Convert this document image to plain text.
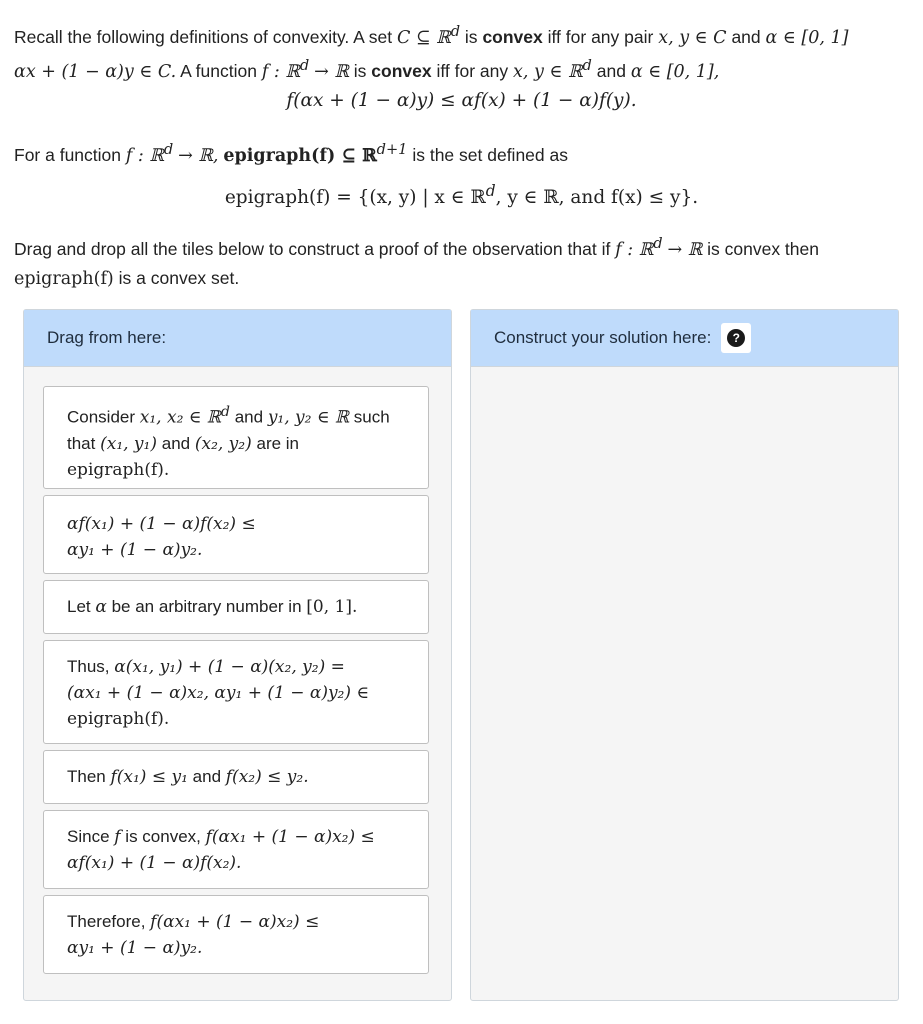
Recall the following definitions of convexity. A set C ⊆ ℝ$^d$ is convex iff for any pair x, y ∈ C and α ∈ [0, 1]

αx + (1 − α)y ∈ C. A function f : ℝ$^d$ → ℝ is convex iff for any x, y ∈ ℝ$^d$ and α ∈ [0, 1],

f(αx + (1 − α)y) ≤ αf(x) + (1 − α)f(y).

For a function f : ℝ$^d$ → ℝ, epigraph(f) ⊆ ℝ$^{d+1}$ is the set defined as

epigraph(f) = {(x, y) | x ∈ ℝ$^d$, y ∈ ℝ, and f(x) ≤ y}.

Drag and drop all the tiles below to construct a proof of the observation that if f : ℝ$^d$ → ℝ is convex then epigraph(f) is a convex set.

Drag from here:
Consider x₁, x₂ ∈ ℝ$^d$ and y₁, y₂ ∈ ℝ such
that (x₁, y₁) and (x₂, y₂) are in
epigraph(f).
αf(x₁) + (1 − α)f(x₂) ≤
αy₁ + (1 − α)y₂.
Let α be an arbitrary number in [0, 1].
Thus, α(x₁, y₁) + (1 − α)(x₂, y₂) =
(αx₁ + (1 − α)x₂, αy₁ + (1 − α)y₂) ∈
epigraph(f).
Then f(x₁) ≤ y₁ and f(x₂) ≤ y₂.
Since f is convex, f(αx₁ + (1 − α)x₂) ≤
αf(x₁) + (1 − α)f(x₂).
Therefore, f(αx₁ + (1 − α)x₂) ≤
αy₁ + (1 − α)y₂.
Construct your solution here:	?
